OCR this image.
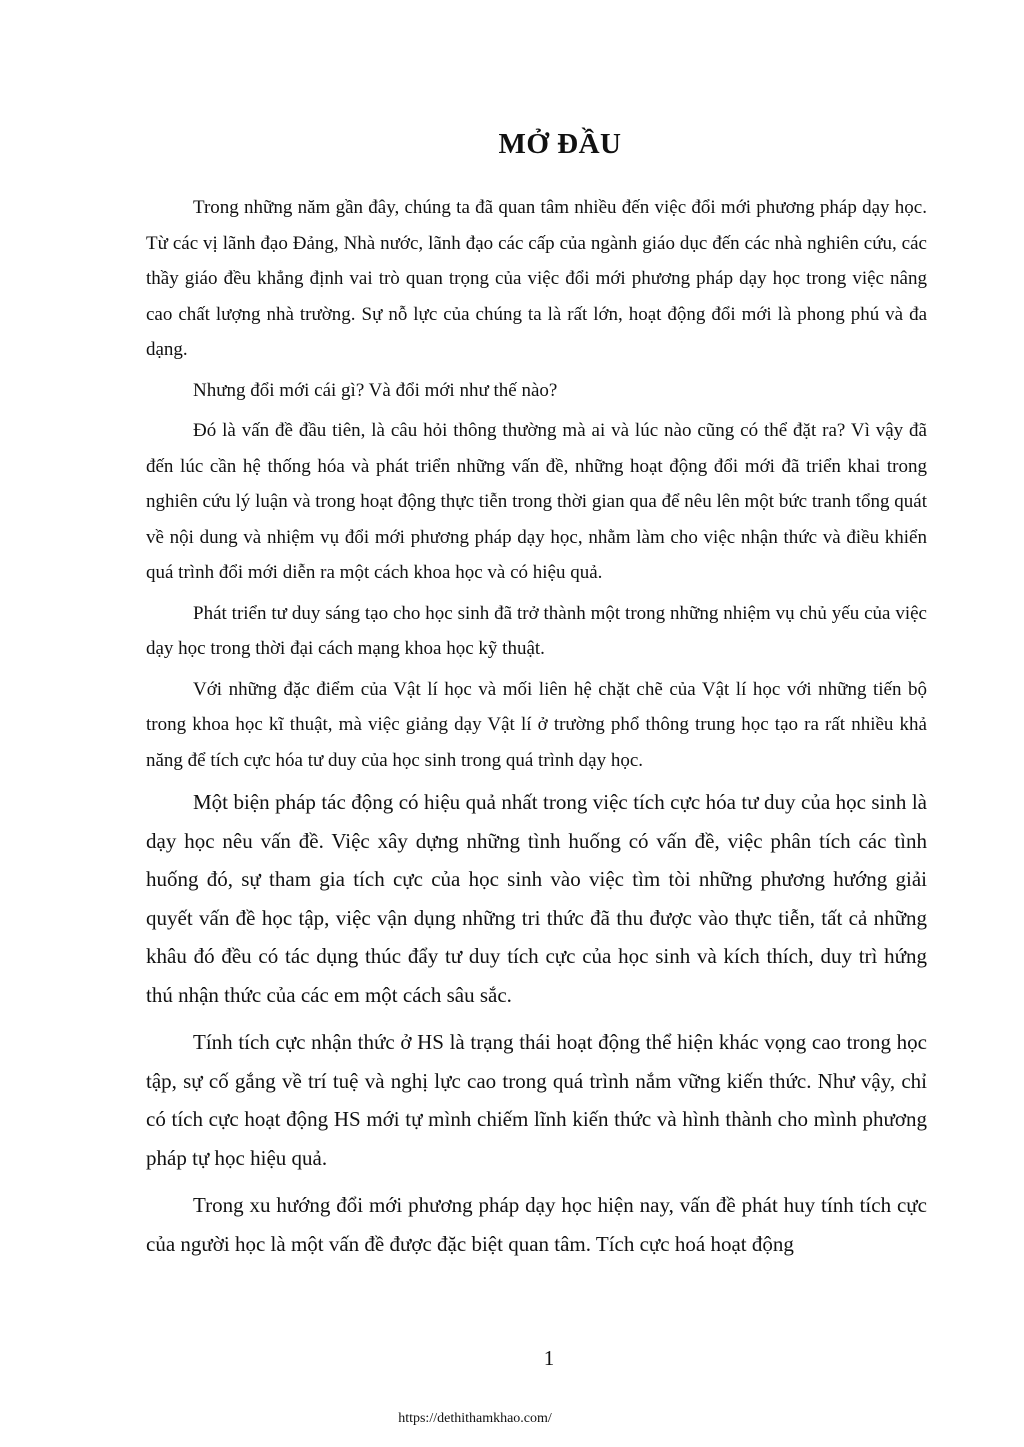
MỞ ĐẦU

Trong những năm gần đây, chúng ta đã quan tâm nhiều đến việc đổi mới phương pháp dạy học. Từ các vị lãnh đạo Đảng, Nhà nước, lãnh đạo các cấp của ngành giáo dục đến các nhà nghiên cứu, các thầy giáo đều khẳng định vai trò quan trọng của việc đổi mới phương pháp dạy học trong việc nâng cao chất lượng nhà trường. Sự nỗ lực của chúng ta là rất lớn, hoạt động đổi mới là phong phú và đa dạng.

Nhưng đổi mới cái gì? Và đổi mới như thế nào?

Đó là vấn đề đầu tiên, là câu hỏi thông thường mà ai và lúc nào cũng có thể đặt ra? Vì vậy đã đến lúc cần hệ thống hóa và phát triển những vấn đề, những hoạt động đổi mới đã triển khai trong nghiên cứu lý luận và trong hoạt động thực tiễn trong thời gian qua để nêu lên một bức tranh tổng quát về nội dung và nhiệm vụ đổi mới phương pháp dạy học, nhằm làm cho việc nhận thức và điều khiển quá trình đổi mới diễn ra một cách khoa học và có hiệu quả.

Phát triển tư duy sáng tạo cho học sinh đã trở thành một trong những nhiệm vụ chủ yếu của việc dạy học trong thời đại cách mạng khoa học kỹ thuật.

Với những đặc điểm của Vật lí học và mối liên hệ chặt chẽ của Vật lí học với những tiến bộ trong khoa học kĩ thuật, mà việc giảng dạy Vật lí ở trường phổ thông trung học tạo ra rất nhiều khả năng để tích cực hóa tư duy của học sinh trong quá trình dạy học.

Một biện pháp tác động có hiệu quả nhất trong việc tích cực hóa tư duy của học sinh là dạy học nêu vấn đề. Việc xây dựng những tình huống có vấn đề, việc phân tích các tình huống đó, sự tham gia tích cực của học sinh vào việc tìm tòi những phương hướng giải quyết vấn đề học tập, việc vận dụng những tri thức đã thu được vào thực tiễn, tất cả những khâu đó đều có tác dụng thúc đẩy tư duy tích cực của học sinh và kích thích, duy trì hứng thú nhận thức của các em một cách sâu sắc.

Tính tích cực nhận thức ở HS là trạng thái hoạt động thể hiện khác vọng cao trong học tập, sự cố gắng về trí tuệ và nghị lực cao trong quá trình nắm vững kiến thức. Như vậy, chỉ có tích cực hoạt động HS mới tự mình chiếm lĩnh kiến thức và hình thành cho mình phương pháp tự học hiệu quả.

Trong xu hướng đổi mới phương pháp dạy học hiện nay, vấn đề phát huy tính tích cực của người học là một vấn đề được đặc biệt quan tâm. Tích cực hoá hoạt động

1
https://dethithamkhao.com/
